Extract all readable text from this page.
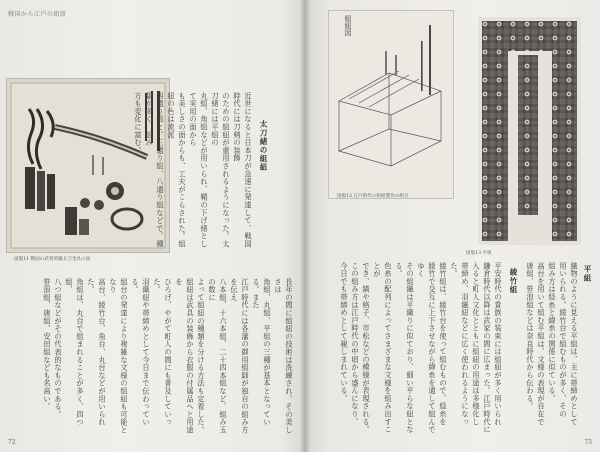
戦国から江戸の組紐
図版11 戦国の武将所蔵太刀金具の図
太刀緒の組紐
近世になると日本刀が急速に発達して、戦国時代には刀剣の装飾
のための組紐が重用されるようになった。太刀緒には平組の
丸組、角組などが用いられ、鞘の下げ緒として実用の面から
も美しさの面からも、工夫がこらされた。組紐の色は流派
四通り組と、三通り組、八通り組などで、種類が多く、組み
方も変化に富む。
長年の間に組紐の技術は洗練され、その美しさは
角組、丸組、平組の三種が基本となっている。また
江戸時代には各藩の御用組師が独自の組み方を伝え
八本組、十六本組、二十四本組など、組み玉の数に
よって組紐の種類を分ける方法も定着した。
組紐は武具の装飾から衣服の付属品へと用途を
ひろげ、やがて町人の間にも普及していった。
羽織紐や帯締めとして今日まで伝わっている。
組台の発達により複雑な文様の組紐も可能となり
高台、綾竹台、角台、丸台などが用いられた。
角組は、丸台で組まれることが多く、四つ組、
八つ組などがその代表的なものである。
笹浪組、唐組、安田組なども名高い。
72	73
組紐図
図版12 江戸時代の組紐製作の組台
図版13 平組
平組
織物のように見える平組は、主に帯締めとして
用いられる。綾竹台で組むものが多く、その
組み方は経糸と緯糸の関係に似ている。
高台を用いて組む平組は、文様の表現が自在で
唐組、笹浪組などは奈良時代から伝わる。
綾竹組
平安時代の貴族の装束には組紐が多く用いられ
鎌倉時代以降は武家の間に広まった。江戸時代に
入ると町人文化とともに組紐の用途は多様化し
帯締め、羽織紐などに広く使われるようになった。
綾竹組は、綾竹台を使って組むもので、経糸を
綾竹で交互に上下させながら緯糸を通して組んでゆく
その組織は平織りに似ており、細い平らな紐となる。
色糸の配列によってさまざまな文様を組み出すことが
でき、縞や格子、市松などの模様が表現される。
この組み方は江戸時代の中頃から盛んになり、
今日でも帯締めとして親しまれている。
